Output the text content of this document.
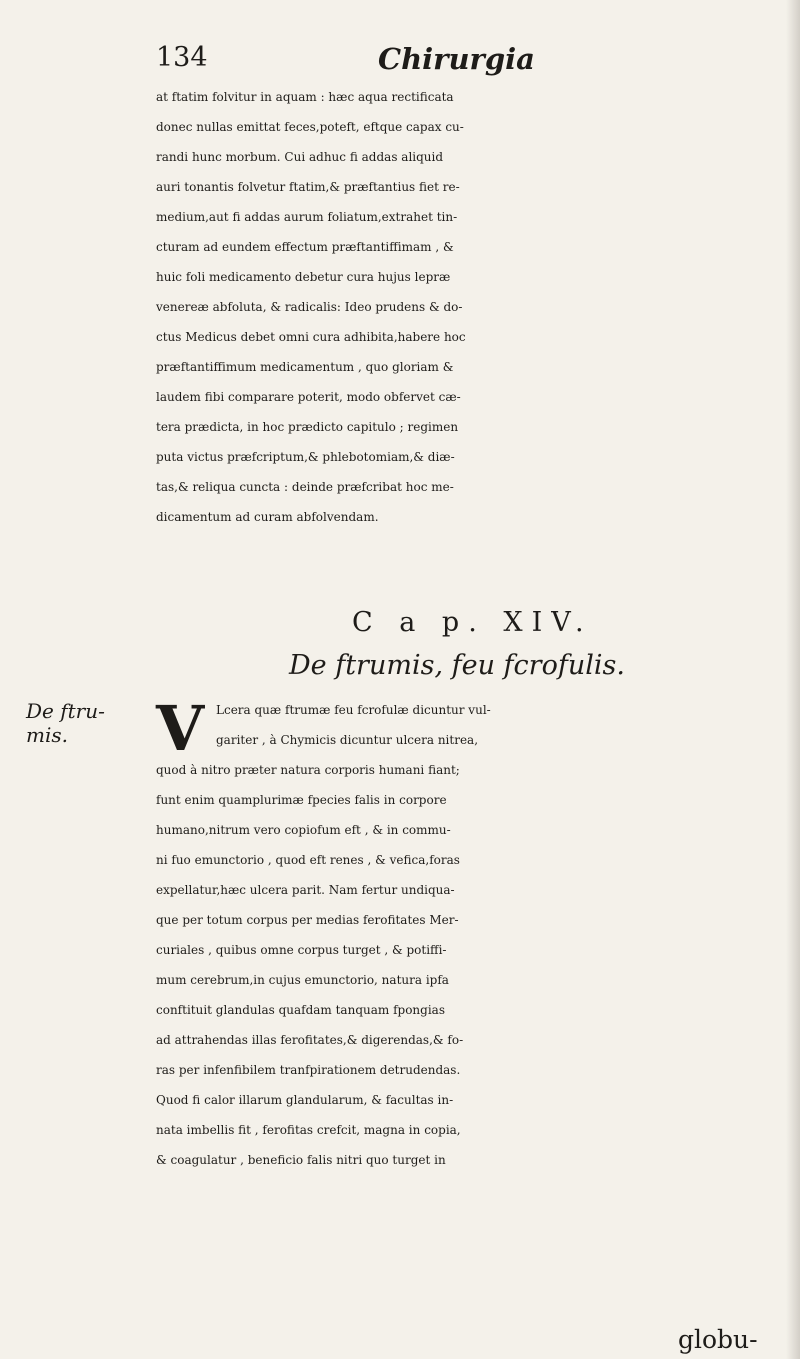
134	Chirurgia
at ftatim folvitur in aquam : hæc aqua rectificata
donec nullas emittat feces,poteft, eftque capax cu-
randi hunc morbum. Cui adhuc fi addas aliquid
auri tonantis folvetur ftatim,& præftantius fiet re-
medium,aut fi addas aurum foliatum,extrahet tin-
cturam ad eundem effectum præftantiffimam , &
huic foli medicamento debetur cura hujus lepræ
venereæ abfoluta, & radicalis: Ideo prudens & do-
ctus Medicus debet omni cura adhibita,habere hoc
præftantiffimum medicamentum , quo gloriam &
laudem fibi comparare poterit, modo obfervet cæ-
tera prædicta, in hoc prædicto capitulo ; regimen
puta victus præfcriptum,& phlebotomiam,& diæ-
tas,& reliqua cuncta : deinde præfcribat hoc me-
dicamentum ad curam abfolvendam.
C a p. XIV.
De ftrumis, feu fcrofulis.
De ftru-
mis.	V Lcera quæ ftrumæ feu fcrofulæ dicuntur vul-
gariter , à Chymicis dicuntur ulcera nitrea,
quod à nitro præter natura corporis humani fiant;
funt enim quamplurimæ fpecies falis in corpore
humano,nitrum vero copiofum eft , & in commu-
ni fuo emunctorio , quod eft renes , & vefica,foras
expellatur,hæc ulcera parit. Nam fertur undiqua-
que per totum corpus per medias ferofitates Mer-
curiales , quibus omne corpus turget , & potiffi-
mum cerebrum,in cujus emunctorio, natura ipfa
conftituit glandulas quafdam tanquam fpongias
ad attrahendas illas ferofitates,& digerendas,& fo-
ras per infenfibilem tranfpirationem detrudendas.
Quod fi calor illarum glandularum, & facultas in-
nata imbellis fit , ferofitas crefcit, magna in copia,
& coagulatur , beneficio falis nitri quo turget in
globu-
